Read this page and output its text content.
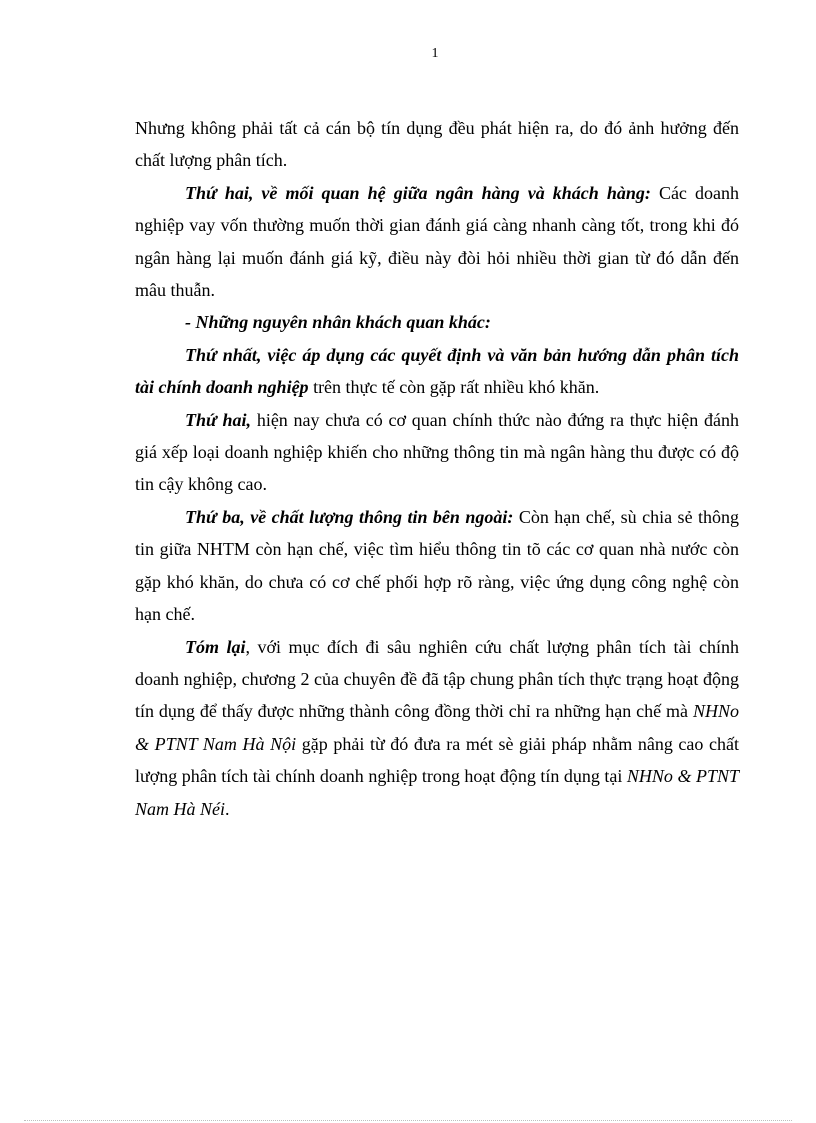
1

Nhưng không phải tất cả cán bộ tín dụng đều phát hiện ra, do đó ảnh hưởng đến chất lượng phân tích.

Thứ hai, về mối quan hệ giữa ngân hàng và khách hàng: Các doanh nghiệp vay vốn thường muốn thời gian đánh giá càng nhanh càng tốt, trong khi đó ngân hàng lại muốn đánh giá kỹ, điều này đòi hỏi nhiều thời gian từ đó dẫn đến mâu thuẫn.

- Những nguyên nhân khách quan khác:

Thứ nhất, việc áp dụng các quyết định và văn bản hướng dẫn phân tích tài chính doanh nghiệp trên thực tế còn gặp rất nhiều khó khăn.

Thứ hai, hiện nay chưa có cơ quan chính thức nào đứng ra thực hiện đánh giá xếp loại doanh nghiệp khiến cho những thông tin mà ngân hàng thu được có độ tin cậy không cao.

Thứ ba, về chất lượng thông tin bên ngoài: Còn hạn chế, sù chia sẻ thông tin giữa NHTM còn hạn chế, việc tìm hiểu thông tin tõ các cơ quan nhà nước còn gặp khó khăn, do chưa có cơ chế phối hợp rõ ràng, việc ứng dụng công nghệ còn hạn chế.

Tóm lại, với mục đích đi sâu nghiên cứu chất lượng phân tích tài chính doanh nghiệp, chương 2 của chuyên đề đã tập chung phân tích thực trạng hoạt động tín dụng để thấy được những thành công đồng thời chỉ ra những hạn chế mà NHNo & PTNT Nam Hà Nội gặp phải từ đó đưa ra mét sè giải pháp nhằm nâng cao chất lượng phân tích tài chính doanh nghiệp trong hoạt động tín dụng tại NHNo & PTNT Nam Hà Néi.
